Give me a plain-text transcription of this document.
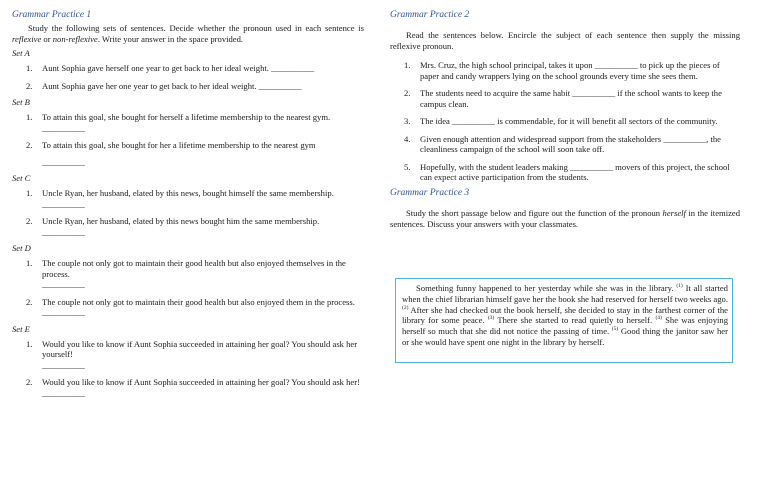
Grammar Practice 1

Study the following sets of sentences. Decide whether the pronoun used in each sentence is reflexive or non-reflexive. Write your answer in the space provided.

Set A

1. Aunt Sophia gave herself one year to get back to her ideal weight. __________
2. Aunt Sophia gave her one year to get back to her ideal weight. __________

Set B

1. To attain this goal, she bought for herself a lifetime membership to the nearest gym.
__________
2. To attain this goal, she bought for her a lifetime membership to the nearest gym
__________

Set C

1. Uncle Ryan, her husband, elated by this news, bought himself the same membership.
__________
2. Uncle Ryan, her husband, elated by this news bought him the same membership.
__________

Set D

1. The couple not only got to maintain their good health but also enjoyed themselves in the process.
__________
2. The couple not only got to maintain their good health but also enjoyed them in the process.
__________

Set E

1. Would you like to know if Aunt Sophia succeeded in attaining her goal? You should ask her yourself!
__________
2. Would you like to know if Aunt Sophia succeeded in attaining her goal? You should ask her!
__________

Grammar Practice 2

Read the sentences below. Encircle the subject of each sentence then supply the missing reflexive pronoun.

1. Mrs. Cruz, the high school principal, takes it upon __________ to pick up the pieces of paper and candy wrappers lying on the school grounds every time she sees them.
2. The students need to acquire the same habit __________ if the school wants to keep the campus clean.
3. The idea __________ is commendable, for it will benefit all sectors of the community.
4. Given enough attention and widespread support from the stakeholders __________, the cleanliness campaign of the school will soon take off.
5. Hopefully, with the student leaders making __________ movers of this project, the school can expect active participation from the students.

Grammar Practice 3

Study the short passage below and figure out the function of the pronoun herself in the itemized sentences. Discuss your answers with your classmates.

Something funny happened to her yesterday while she was in the library. $^{(1)}$ It all started when the chief librarian himself gave her the book she had reserved for herself two weeks ago. $^{(2)}$ After she had checked out the book herself, she decided to stay in the farthest corner of the library for some peace. $^{(3)}$ There she started to read quietly to herself. $^{(4)}$ She was enjoying herself so much that she did not notice the passing of time. $^{(5)}$ Good thing the janitor saw her or she would have spent one night in the library by herself.
